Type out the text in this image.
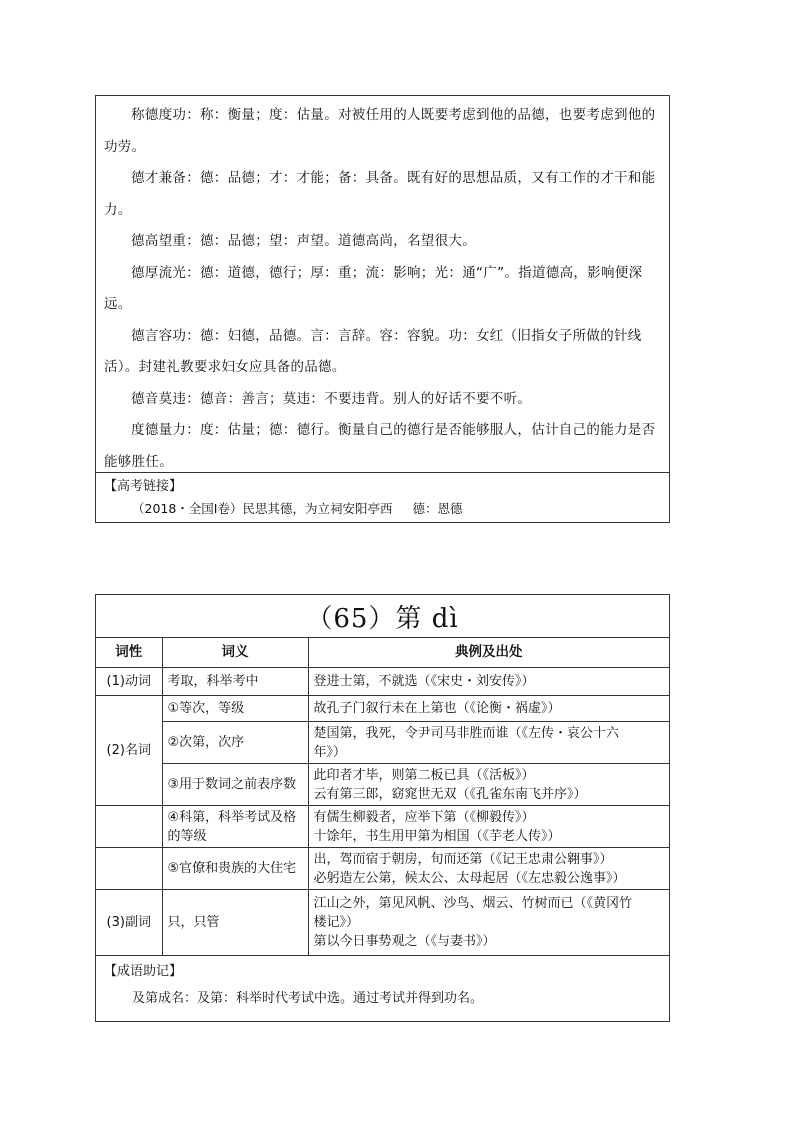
称德度功：称：衡量；度：估量。对被任用的人既要考虑到他的品德，也要考虑到他的功劳。

德才兼备：德：品德；才：才能；备：具备。既有好的思想品质，又有工作的才干和能力。

德高望重：德：品德；望：声望。道德高尚，名望很大。

德厚流光：德：道德，德行；厚：重；流：影响；光：通“广”。指道德高，影响便深远。

德言容功：德：妇德，品德。言：言辞。容：容貌。功：女红（旧指女子所做的针线活）。封建礼教要求妇女应具备的品德。

德音莫违：德音：善言；莫违：不要违背。别人的好话不要不听。

度德量力：度：估量；德：德行。衡量自己的德行是否能够服人，估计自己的能力是否能够胜任。

【高考链接】
（2018・全国Ⅰ卷）民思其德，为立祠安阳亭西 德：恩德
（65）第 dì
词性	词义	典例及出处
(1)动词	考取，科举考中	登进士第，不就选（《宋史・刘安传》）

(2)名词	①等次，等级	故孔子门叙行未在上第也（《论衡・祸虚》）

	②次第，次序	楚国第，我死，令尹司马非胜而谁（《左传・哀公十六
年》）

	③用于数词之前表序数	此印者才毕，则第二板已具（《活板》）
云有第三郎，窈窕世无双（《孔雀东南飞并序》）

	④科第，科举考试及格的等级	有儒生柳毅者，应举下第（《柳毅传》）
十馀年，书生用甲第为相国（《芋老人传》）

	⑤官僚和贵族的大住宅	出，驾而宿于朝房，旬而还第（《记王忠肃公翱事》）
必躬造左公第，候太公、太母起居（《左忠毅公逸事》）

(3)副词	只，只管	江山之外，第见风帆、沙鸟、烟云、竹树而已（《黄冈竹
楼记》）
第以今日事势观之（《与妻书》）
【成语助记】
及第成名：及第：科举时代考试中选。通过考试并得到功名。
